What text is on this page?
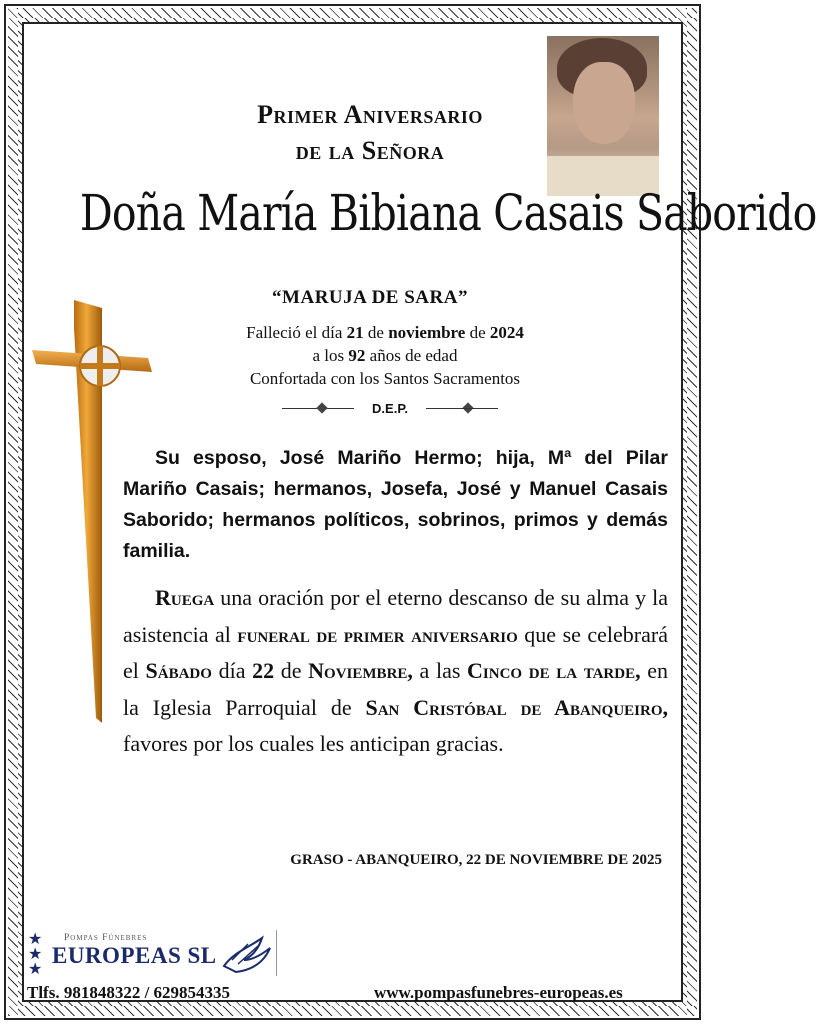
Primer Aniversario
de la Señora
Doña María Bibiana Casais Saborido
“MARUJA DE SARA”
Falleció el día 21 de noviembre de 2024
a los 92 años de edad
Confortada con los Santos Sacramentos
D.E.P.
Su esposo, José Mariño Hermo; hija, Mª del Pilar Mariño Casais; hermanos, Josefa, José y Manuel Casais Saborido; hermanos políticos, sobrinos, primos y demás familia.
Ruega una oración por el eterno descanso de su alma y la asistencia al funeral de primer aniversario que se celebrará el Sábado día 22 de Noviembre, a las Cinco de la tarde, en la Iglesia Parroquial de San Cristóbal de Abanqueiro, favores por los cuales les anticipan gracias.
GRASO - ABANQUEIRO, 22 DE NOVIEMBRE DE 2025
★
★
★
Pompas Fúnebres
EUROPEAS SL
Tlfs. 981848322 / 629854335	www.pompasfunebres-europeas.es
